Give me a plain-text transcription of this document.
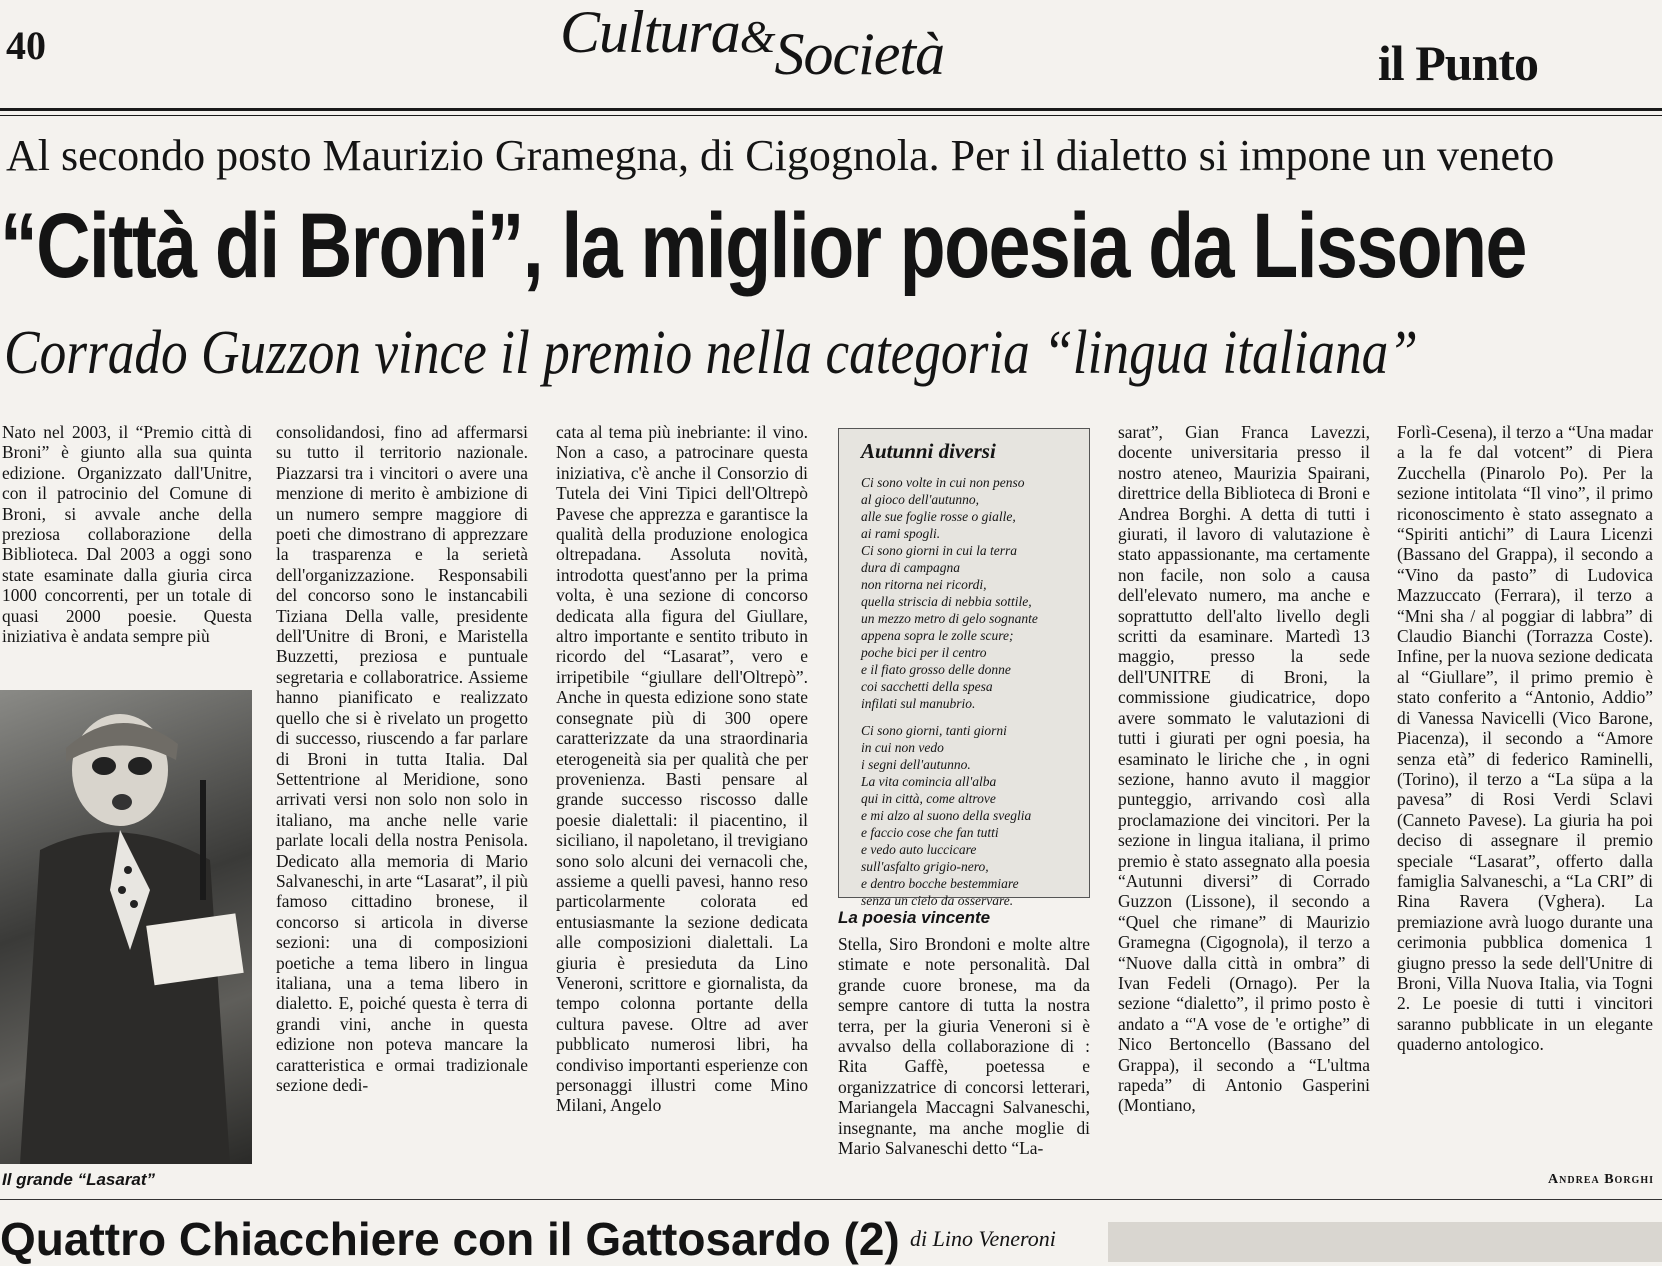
40	Cultura&Società	il Punto
Al secondo posto Maurizio Gramegna, di Cigognola. Per il dialetto si impone un veneto
“Città di Broni”, la miglior poesia da Lissone
Corrado Guzzon vince il premio nella categoria “lingua italiana”

Nato nel 2003, il “Premio città di Broni” è giunto alla sua quinta edizione. Organizzato dall'Unitre, con il patrocinio del Comune di Broni, si avvale anche della preziosa collaborazione della Biblioteca. Dal 2003 a oggi sono state esaminate dalla giuria circa 1000 concorrenti, per un totale di quasi 2000 poesie. Questa iniziativa è andata sempre più

Il grande “Lasarat”

consolidandosi, fino ad affermarsi su tutto il territorio nazionale. Piazzarsi tra i vincitori o avere una menzione di merito è ambizione di un numero sempre maggiore di poeti che dimostrano di apprezzare la trasparenza e la serietà dell'organizzazione. Responsabili del concorso sono le instancabili Tiziana Della valle, presidente dell'Unitre di Broni, e Maristella Buzzetti, preziosa e puntuale segretaria e collaboratrice. Assieme hanno pianificato e realizzato quello che si è rivelato un progetto di successo, riuscendo a far parlare di Broni in tutta Italia. Dal Settentrione al Meridione, sono arrivati versi non solo non solo in italiano, ma anche nelle varie parlate locali della nostra Penisola. Dedicato alla memoria di Mario Salvaneschi, in arte “Lasarat”, il più famoso cittadino bronese, il concorso si articola in diverse sezioni: una di composizioni poetiche a tema libero in lingua italiana, una a tema libero in dialetto. E, poiché questa è terra di grandi vini, anche in questa edizione non poteva mancare la caratteristica e ormai tradizionale sezione dedi-

cata al tema più inebriante: il vino. Non a caso, a patrocinare questa iniziativa, c'è anche il Consorzio di Tutela dei Vini Tipici dell'Oltrepò Pavese che apprezza e garantisce la qualità della produzione enologica oltrepadana. Assoluta novità, introdotta quest'anno per la prima volta, è una sezione di concorso dedicata alla figura del Giullare, altro importante e sentito tributo in ricordo del “Lasarat”, vero e irripetibile “giullare dell'Oltrepò”. Anche in questa edizione sono state consegnate più di 300 opere caratterizzate da una straordinaria eterogeneità sia per qualità che per provenienza. Basti pensare al grande successo riscosso dalle poesie dialettali: il piacentino, il siciliano, il napoletano, il trevigiano sono solo alcuni dei vernacoli che, assieme a quelli pavesi, hanno reso particolarmente colorata ed entusiasmante la sezione dedicata alle composizioni dialettali. La giuria è presieduta da Lino Veneroni, scrittore e giornalista, da tempo colonna portante della cultura pavese. Oltre ad aver pubblicato numerosi libri, ha condiviso importanti esperienze con personaggi illustri come Mino Milani, Angelo

Autunni diversi
Ci sono volte in cui non penso
al gioco dell'autunno,
alle sue foglie rosse o gialle,
ai rami spogli.
Ci sono giorni in cui la terra
dura di campagna
non ritorna nei ricordi,
quella striscia di nebbia sottile,
un mezzo metro di gelo sognante
appena sopra le zolle scure;
poche bici per il centro
e il fiato grosso delle donne
coi sacchetti della spesa
infilati sul manubrio.
Ci sono giorni, tanti giorni
in cui non vedo
i segni dell'autunno.
La vita comincia all'alba
qui in città, come altrove
e mi alzo al suono della sveglia
e faccio cose che fan tutti
e vedo auto luccicare
sull'asfalto grigio-nero,
e dentro bocche bestemmiare
senza un cielo da osservare.
La poesia vincente

Stella, Siro Brondoni e molte altre stimate e note personalità. Dal grande cuore bronese, ma da sempre cantore di tutta la nostra terra, per la giuria Veneroni si è avvalso della collaborazione di : Rita Gaffè, poetessa e organizzatrice di concorsi letterari, Mariangela Maccagni Salvaneschi, insegnante, ma anche moglie di Mario Salvaneschi detto “La-

sarat”, Gian Franca Lavezzi, docente universitaria presso il nostro ateneo, Maurizia Spairani, direttrice della Biblioteca di Broni e Andrea Borghi. A detta di tutti i giurati, il lavoro di valutazione è stato appassionante, ma certamente non facile, non solo a causa dell'elevato numero, ma anche e soprattutto dell'alto livello degli scritti da esaminare. Martedì 13 maggio, presso la sede dell'UNITRE di Broni, la commissione giudicatrice, dopo avere sommato le valutazioni di tutti i giurati per ogni poesia, ha esaminato le liriche che , in ogni sezione, hanno avuto il maggior punteggio, arrivando così alla proclamazione dei vincitori. Per la sezione in lingua italiana, il primo premio è stato assegnato alla poesia “Autunni diversi” di Corrado Guzzon (Lissone), il secondo a “Quel che rimane” di Maurizio Gramegna (Cigognola), il terzo a “Nuove dalla città in ombra” di Ivan Fedeli (Ornago). Per la sezione “dialetto”, il primo posto è andato a “'A vose de 'e ortighe” di Nico Bertoncello (Bassano del Grappa), il secondo a “L'ultma rapeda” di Antonio Gasperini (Montiano,

Forlì-Cesena), il terzo a “Una madar a la fe dal votcent” di Piera Zucchella (Pinarolo Po). Per la sezione intitolata “Il vino”, il primo riconoscimento è stato assegnato a “Spiriti antichi” di Laura Licenzi (Bassano del Grappa), il secondo a “Vino da pasto” di Ludovica Mazzuccato (Ferrara), il terzo a “Mni sha / al poggiar di labbra” di Claudio Bianchi (Torrazza Coste). Infine, per la nuova sezione dedicata al “Giullare”, il primo premio è stato conferito a “Antonio, Addio” di Vanessa Navicelli (Vico Barone, Piacenza), il secondo a “Amore senza età” di federico Raminelli, (Torino), il terzo a “La süpa a la pavesa” di Rosi Verdi Sclavi (Canneto Pavese). La giuria ha poi deciso di assegnare il premio speciale “Lasarat”, offerto dalla famiglia Salvaneschi, a “La CRI” di Rina Ravera (Vghera). La premiazione avrà luogo durante una cerimonia pubblica domenica 1 giugno presso la sede dell'Unitre di Broni, Villa Nuova Italia, via Togni 2. Le poesie di tutti i vincitori saranno pubblicate in un elegante quaderno antologico.

Andrea Borghi
Quattro Chiacchiere con il Gattosardo (2) di Lino Veneroni
